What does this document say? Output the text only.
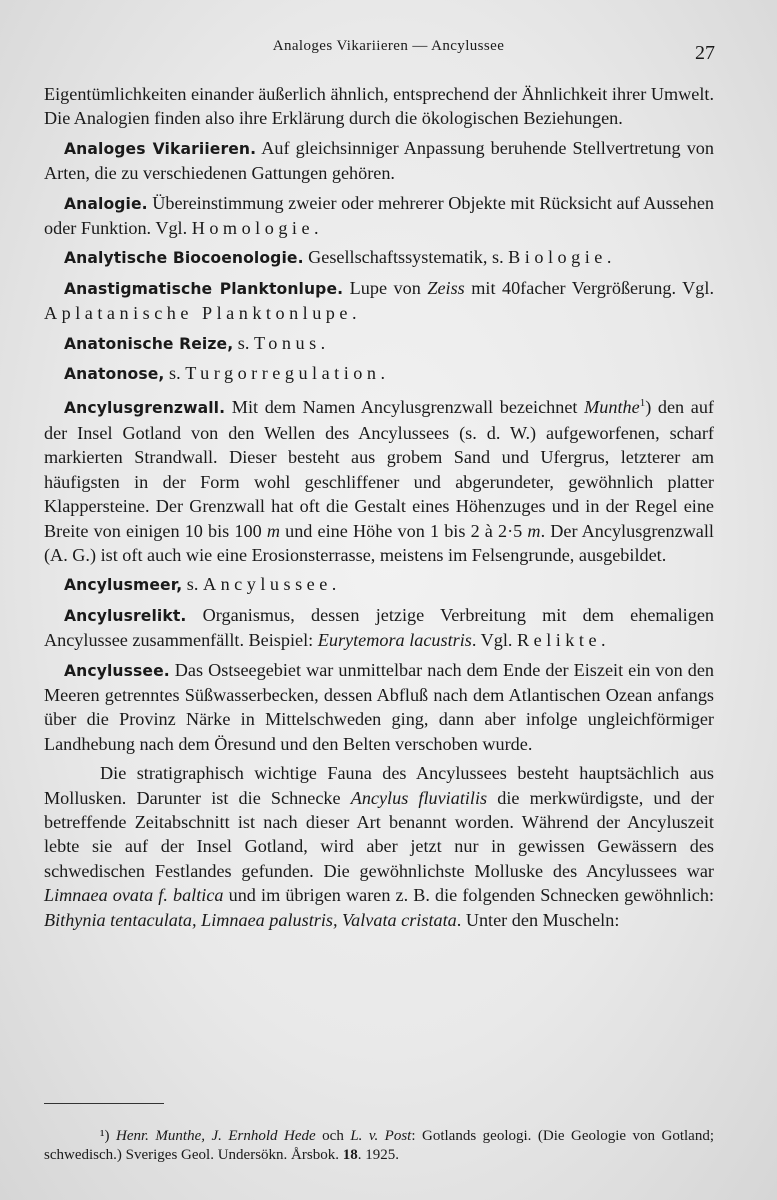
Analoges Vikariieren — Ancylussee	27

Eigentümlichkeiten einander äußerlich ähnlich, entsprechend der Ähnlichkeit ihrer Umwelt. Die Analogien finden also ihre Erklärung durch die ökologischen Beziehungen.

Analoges Vikariieren. Auf gleichsinniger Anpassung beruhende Stellvertretung von Arten, die zu verschiedenen Gattungen gehören.

Analogie. Übereinstimmung zweier oder mehrerer Objekte mit Rücksicht auf Aussehen oder Funktion. Vgl. Homologie.

Analytische Biocoenologie. Gesellschaftssystematik, s. Biologie.

Anastigmatische Planktonlupe. Lupe von Zeiss mit 40facher Vergrößerung. Vgl. Aplatanische Planktonlupe.

Anatonische Reize, s. Tonus.

Anatonose, s. Turgorregulation.

Ancylusgrenzwall. Mit dem Namen Ancylusgrenzwall bezeichnet Munthe$^1$) den auf der Insel Gotland von den Wellen des Ancylussees (s. d. W.) aufgeworfenen, scharf markierten Strandwall. Dieser besteht aus grobem Sand und Ufergrus, letzterer am häufigsten in der Form wohl geschliffener und abgerundeter, gewöhnlich platter Klappersteine. Der Grenzwall hat oft die Gestalt eines Höhenzuges und in der Regel eine Breite von einigen 10 bis 100 m und eine Höhe von 1 bis 2 à 2·5 m. Der Ancylusgrenzwall (A. G.) ist oft auch wie eine Erosionsterrasse, meistens im Felsengrunde, ausgebildet.

Ancylusmeer, s. Ancylussee.

Ancylusrelikt. Organismus, dessen jetzige Verbreitung mit dem ehemaligen Ancylussee zusammenfällt. Beispiel: Eurytemora lacustris. Vgl. Relikte.

Ancylussee. Das Ostseegebiet war unmittelbar nach dem Ende der Eiszeit ein von den Meeren getrenntes Süßwasserbecken, dessen Abfluß nach dem Atlantischen Ozean anfangs über die Provinz Närke in Mittelschweden ging, dann aber infolge ungleichförmiger Landhebung nach dem Öresund und den Belten verschoben wurde.

Die stratigraphisch wichtige Fauna des Ancylussees besteht hauptsächlich aus Mollusken. Darunter ist die Schnecke Ancylus fluviatilis die merkwürdigste, und der betreffende Zeitabschnitt ist nach dieser Art benannt worden. Während der Ancyluszeit lebte sie auf der Insel Gotland, wird aber jetzt nur in gewissen Gewässern des schwedischen Festlandes gefunden. Die gewöhnlichste Molluske des Ancylussees war Limnaea ovata f. baltica und im übrigen waren z. B. die folgenden Schnecken gewöhnlich: Bithynia tentaculata, Limnaea palustris, Valvata cristata. Unter den Muscheln:

¹) Henr. Munthe, J. Ernhold Hede och L. v. Post: Gotlands geologi. (Die Geologie von Gotland; schwedisch.) Sveriges Geol. Undersökn. Årsbok. 18. 1925.
